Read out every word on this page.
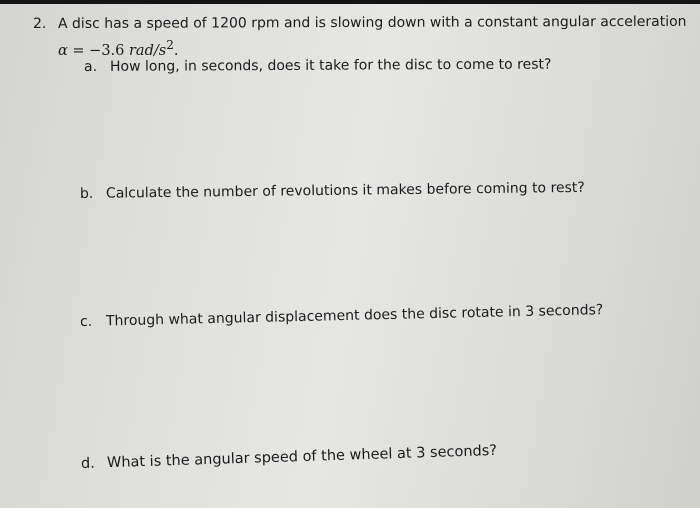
2. A disc has a speed of 1200 rpm and is slowing down with a constant angular acceleration
α = −3.6 rad/$s^2$.
a. How long, in seconds, does it take for the disc to come to rest?
b. Calculate the number of revolutions it makes before coming to rest?
c. Through what angular displacement does the disc rotate in 3 seconds?
d. What is the angular speed of the wheel at 3 seconds?
